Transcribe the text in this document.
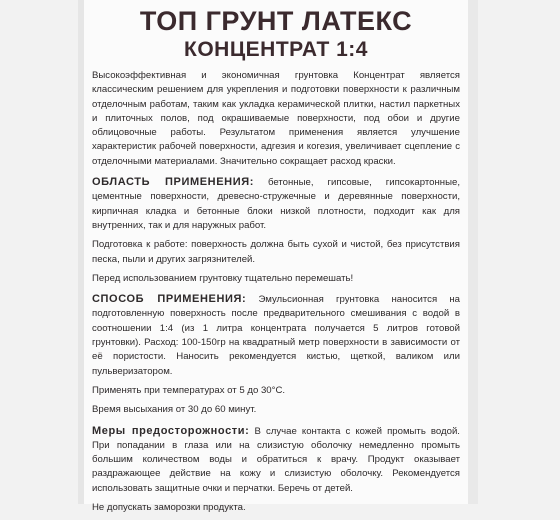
ТОП ГРУНТ ЛАТЕКС
КОНЦЕНТРАТ 1:4

Высокоэффективная и экономичная грунтовка Концентрат является классическим решением для укрепления и подготовки поверхности к различным отделочным работам, таким как укладка керамической плитки, настил паркетных и плиточных полов, под окрашиваемые поверхности, под обои и другие облицовочные работы. Результатом применения является улучшение характеристик рабочей поверхности, адгезия и когезия, увеличивает сцепление с отделочными материалами. Значительно сокращает расход краски.

ОБЛАСТЬ ПРИМЕНЕНИЯ: бетонные, гипсовые, гипсокартонные, цементные поверхности, древесно-стружечные и деревянные поверхности, кирпичная кладка и бетонные блоки низкой плотности, подходит как для внутренних, так и для наружных работ.

Подготовка к работе: поверхность должна быть сухой и чистой, без присутствия песка, пыли и других загрязнителей.

Перед использованием грунтовку тщательно перемешать!

СПОСОБ ПРИМЕНЕНИЯ: Эмульсионная грунтовка наносится на подготовленную поверхность после предварительного смешивания с водой в соотношении 1:4 (из 1 литра концентрата получается 5 литров готовой грунтовки). Расход: 100-150гр на квадратный метр поверхности в зависимости от её пористости. Наносить рекомендуется кистью, щеткой, валиком или пульверизатором.

Применять при температурах от 5 до 30°С.

Время высыхания от 30 до 60 минут.

Меры предосторожности: В случае контакта с кожей промыть водой. При попадании в глаза или на слизистую оболочку немедленно промыть большим количеством воды и обратиться к врачу. Продукт оказывает раздражающее действие на кожу и слизистую оболочку. Рекомендуется использовать защитные очки и перчатки. Беречь от детей.

Не допускать заморозки продукта.
